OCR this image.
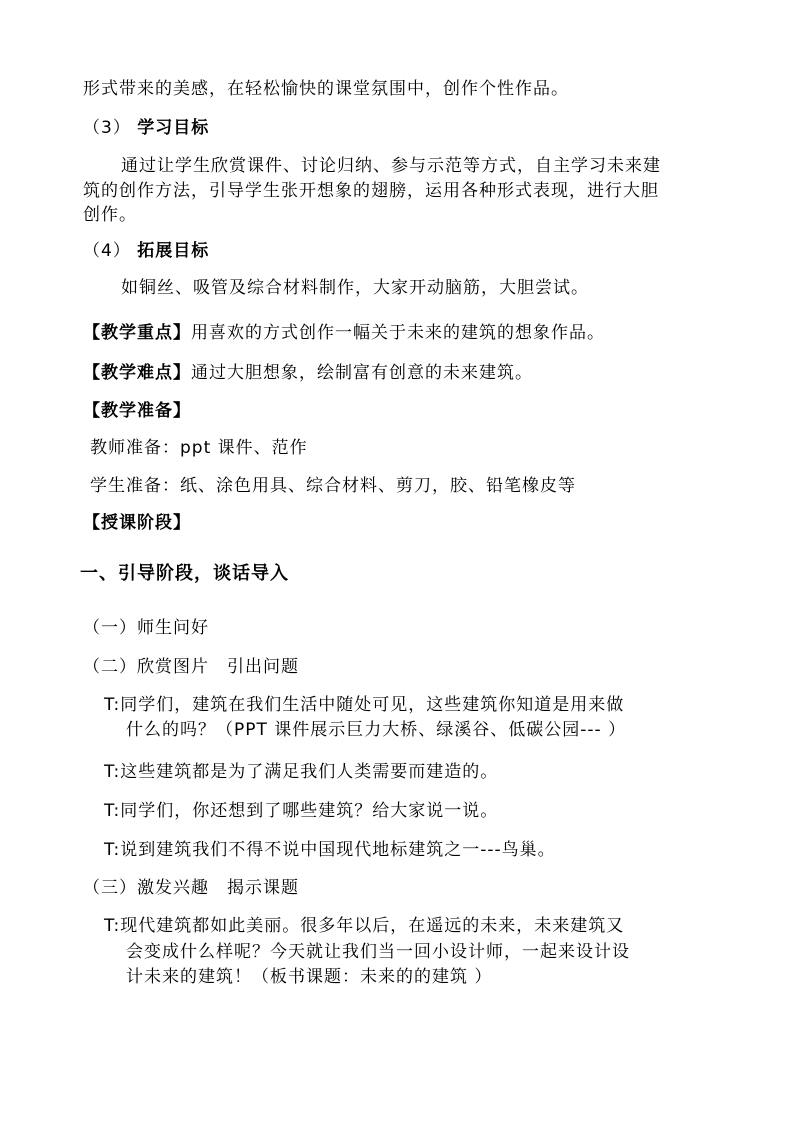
形式带来的美感，在轻松愉快的课堂氛围中，创作个性作品。
（3） 学习目标
通过让学生欣赏课件、讨论归纳、参与示范等方式，自主学习未来建
筑的创作方法，引导学生张开想象的翅膀，运用各种形式表现，进行大胆
创作。
（4） 拓展目标
如铜丝、吸管及综合材料制作，大家开动脑筋，大胆尝试。
【教学重点】用喜欢的方式创作一幅关于未来的建筑的想象作品。
【教学难点】通过大胆想象，绘制富有创意的未来建筑。
【教学准备】
教师准备：ppt 课件、范作
学生准备：纸、涂色用具、综合材料、剪刀，胶、铅笔橡皮等
【授课阶段】
一、引导阶段，谈话导入
（一）师生问好
（二）欣赏图片　引出问题
T:同学们，建筑在我们生活中随处可见，这些建筑你知道是用来做
什么的吗？（PPT 课件展示巨力大桥、绿溪谷、低碳公园--- ）
T:这些建筑都是为了满足我们人类需要而建造的。
T:同学们，你还想到了哪些建筑？给大家说一说。
T:说到建筑我们不得不说中国现代地标建筑之一---鸟巢。
（三）激发兴趣　揭示课题
T:现代建筑都如此美丽。很多年以后，在遥远的未来，未来建筑又
会变成什么样呢？今天就让我们当一回小设计师，一起来设计设
计未来的建筑！（板书课题：未来的的建筑 ）
